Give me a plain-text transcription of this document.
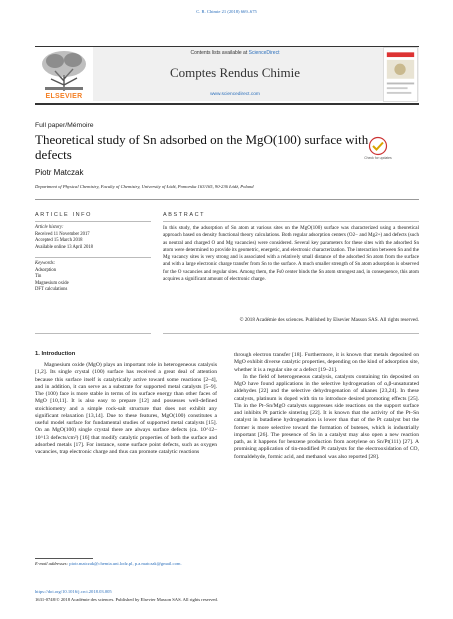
C. R. Chimie 21 (2018) 669–675
ELSEVIER
Contents lists available at ScienceDirect
Comptes Rendus Chimie
www.sciencedirect.com
Full paper/Mémoire
Theoretical study of Sn adsorbed on the MgO(100) surface with defects	Check for updates
Piotr Matczak
Department of Physical Chemistry, Faculty of Chemistry, University of Łódź, Pomorska 163/165, 90-236 Łódź, Poland
ARTICLE INFO	ABSTRACT
Article history:
Received 11 November 2017
Accepted 15 March 2018
Available online 13 April 2018
Keywords:
Adsorption
Tin
Magnesium oxide
DFT calculations
In this study, the adsorption of Sn atom at various sites on the MgO(100) surface was characterized using a theoretical approach based on density functional theory calculations. Both regular adsorption centers (O2− and Mg2+) and defects (such as neutral and charged O and Mg vacancies) were considered. Several key parameters for these sites with the adsorbed Sn atom were determined to provide its geometric, energetic, and electronic characterization. The interaction between Sn and the Mg vacancy sites is very strong and is associated with a relatively small distance of the adsorbed Sn atom from the surface and with a large electronic charge transfer from Sn to the surface. A much smaller strength of Sn atom adsorption is observed for the O vacancies and regular sites. Among them, the Fs0 center binds the Sn atom strongest and, in consequence, this atom acquires a significant amount of electronic charge.
© 2018 Académie des sciences. Published by Elsevier Masson SAS. All rights reserved.
1. Introduction

Magnesium oxide (MgO) plays an important role in heterogeneous catalysis [1,2]. Its single crystal (100) surface has received a great deal of attention because this surface itself is catalytically active toward some reactions [2–4], and in addition, it can serve as a substrate for supported metal catalysts [5–9]. The (100) face is more stable in terms of its surface energy than other faces of MgO [10,11]. It is also easy to prepare [12] and possesses well-defined stoichiometry and a simple rock-salt structure that does not exhibit any significant relaxation [13,14]. Due to these features, MgO(100) constitutes a useful model surface for fundamental studies of supported metal catalysts [15]. On an MgO(100) single crystal there are always surface defects (ca. 10^12–10^13 defects/cm²) [16] that modify catalytic properties of both the surface and adsorbed metals [17]. For instance, some surface point defects, such as oxygen vacancies, trap electronic charge and thus can promote catalytic reactions

through electron transfer [18]. Furthermore, it is known that metals deposited on MgO exhibit diverse catalytic properties, depending on the kind of adsorption site, whether it is a regular site or a defect [19–21].

In the field of heterogeneous catalysis, catalysts containing tin deposited on MgO have found applications in the selective hydrogenation of α,β-unsaturated aldehydes [22] and the selective dehydrogenation of alkanes [23,24]. In these catalysts, platinum is doped with tin to introduce desired promoting effects [25]. Tin in the Pt–Sn/MgO catalysts suppresses side reactions on the support surface and inhibits Pt particle sintering [22]. It is known that the activity of the Pt–Sn catalyst in butadiene hydrogenation is lower than that of the Pt catalyst but the former is more selective toward the formation of butenes, which is industrially important [26]. The presence of Sn in a catalyst may also open a new reaction path, as it happens for benzene production from acetylene on Sn/Pt(111) [27]. A promising application of tin-modified Pt catalysts for the electrooxidation of CO, formaldehyde, formic acid, and methanol was also reported [28].

E-mail addresses: piotr.matczak@chemia.uni.lodz.pl, p.a.matczak@gmail.com.
https://doi.org/10.1016/j.crci.2018.03.005
1631-0748/© 2018 Académie des sciences. Published by Elsevier Masson SAS. All rights reserved.
